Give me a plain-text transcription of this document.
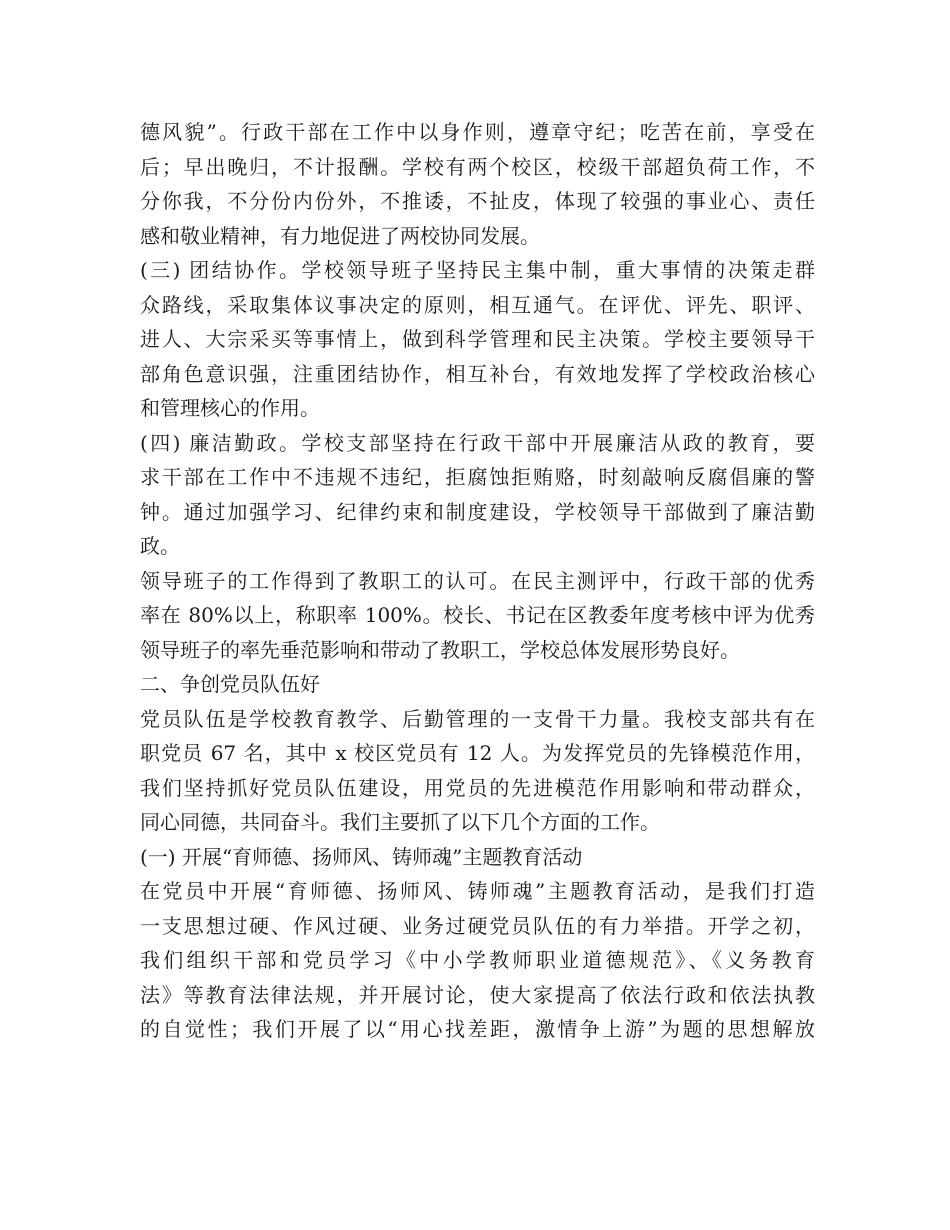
德风貌”。行政干部在工作中以身作则，遵章守纪；吃苦在前，享受在
后；早出晚归，不计报酬。学校有两个校区，校级干部超负荷工作，不
分你我，不分份内份外，不推诿，不扯皮，体现了较强的事业心、责任
感和敬业精神，有力地促进了两校协同发展。
(三) 团结协作。学校领导班子坚持民主集中制，重大事情的决策走群
众路线，采取集体议事决定的原则，相互通气。在评优、评先、职评、
进人、大宗采买等事情上，做到科学管理和民主决策。学校主要领导干
部角色意识强，注重团结协作，相互补台，有效地发挥了学校政治核心
和管理核心的作用。
(四) 廉洁勤政。学校支部坚持在行政干部中开展廉洁从政的教育，要
求干部在工作中不违规不违纪，拒腐蚀拒贿赂，时刻敲响反腐倡廉的警
钟。通过加强学习、纪律约束和制度建设，学校领导干部做到了廉洁勤
政。
领导班子的工作得到了教职工的认可。在民主测评中，行政干部的优秀
率在 80%以上，称职率 100%。校长、书记在区教委年度考核中评为优秀
领导班子的率先垂范影响和带动了教职工，学校总体发展形势良好。
二、争创党员队伍好
党员队伍是学校教育教学、后勤管理的一支骨干力量。我校支部共有在
职党员 67 名，其中 x 校区党员有 12 人。为发挥党员的先锋模范作用，
我们坚持抓好党员队伍建设，用党员的先进模范作用影响和带动群众，
同心同德，共同奋斗。我们主要抓了以下几个方面的工作。
(一) 开展“育师德、扬师风、铸师魂”主题教育活动
在党员中开展“育师德、扬师风、铸师魂”主题教育活动，是我们打造
一支思想过硬、作风过硬、业务过硬党员队伍的有力举措。开学之初，
我们组织干部和党员学习《中小学教师职业道德规范》、《义务教育
法》等教育法律法规，并开展讨论，使大家提高了依法行政和依法执教
的自觉性；我们开展了以“用心找差距，激情争上游”为题的思想解放
